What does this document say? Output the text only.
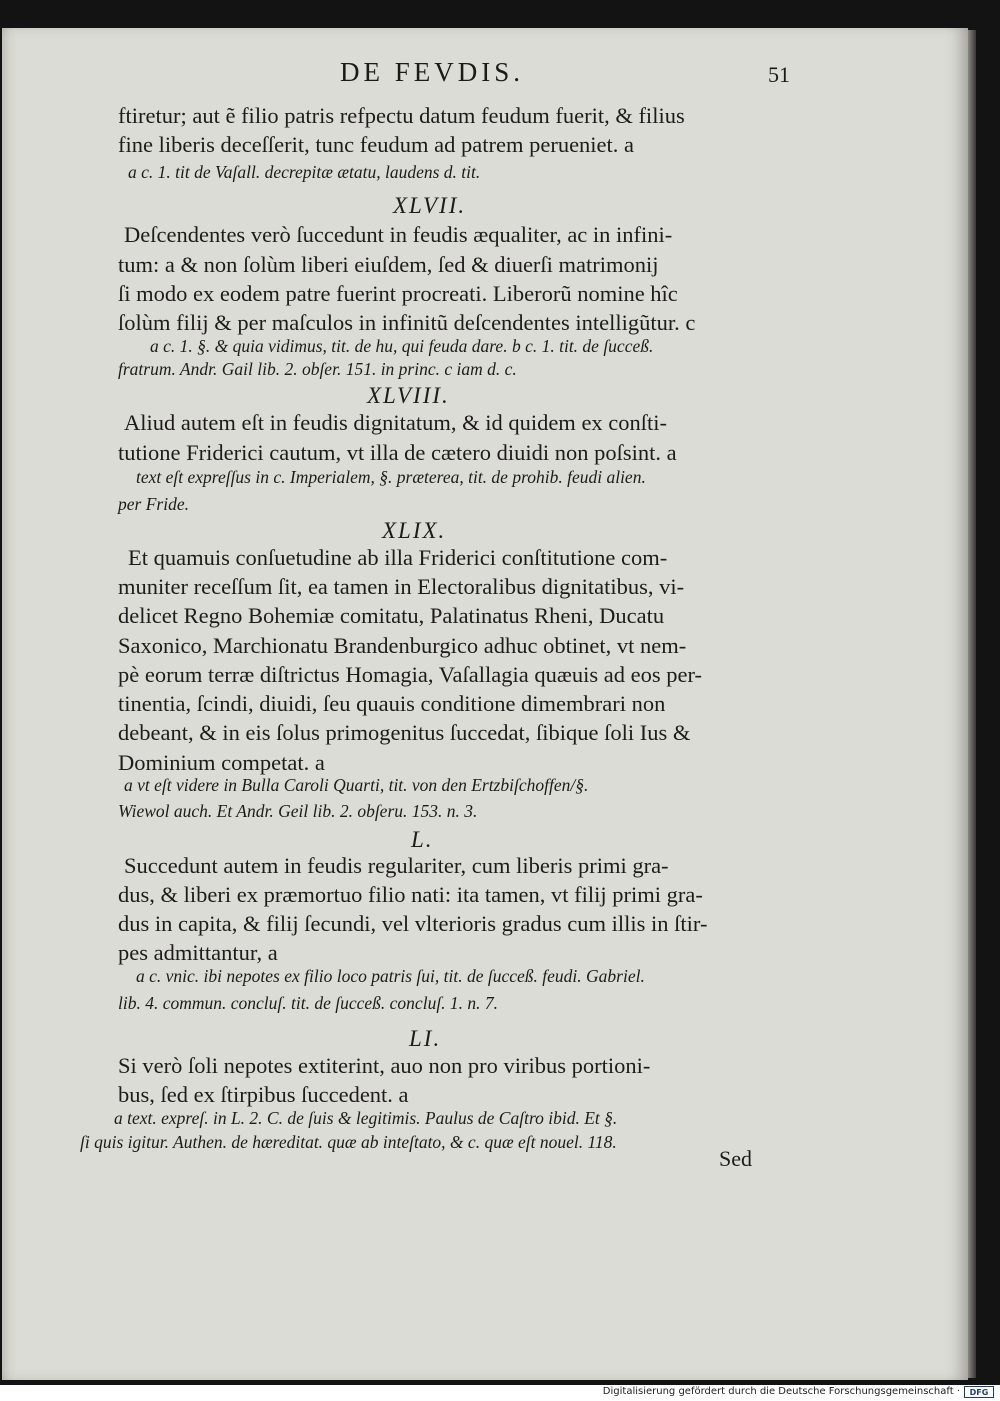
DE FEVDIS.	51
ftiretur; aut ẽ filio patris refpectu datum feudum fuerit, & filius
fine liberis deceſſerit, tunc feudum ad patrem perueniet. a
a c. 1. tit de Vaſall. decrepitæ ætatu, laudens d. tit.
XLVII.
Deſcendentes verò ſuccedunt in feudis æqualiter, ac in infini-
tum: a & non ſolùm liberi eiuſdem, ſed & diuerſi matrimonij
ſi modo ex eodem patre fuerint procreati. Liberorũ nomine hîc
ſolùm filij & per maſculos in infinitũ deſcendentes intelligũtur. c
a c. 1. §. & quia vidimus, tit. de hu, qui feuda dare. b c. 1. tit. de ſucceß.
fratrum. Andr. Gail lib. 2. obſer. 151. in princ. c iam d. c.
XLVIII.
Aliud autem eſt in feudis dignitatum, & id quidem ex conſti-
tutione Friderici cautum, vt illa de cætero diuidi non poſsint. a
text eſt expreſſus in c. Imperialem, §. præterea, tit. de prohib. feudi alien.
per Fride.
XLIX.
Et quamuis conſuetudine ab illa Friderici conſtitutione com-
muniter receſſum ſit, ea tamen in Electoralibus dignitatibus, vi-
delicet Regno Bohemiæ comitatu, Palatinatus Rheni, Ducatu
Saxonico, Marchionatu Brandenburgico adhuc obtinet, vt nem-
pè eorum terræ diſtrictus Homagia, Vaſallagia quæuis ad eos per-
tinentia, ſcindi, diuidi, ſeu quauis conditione dimembrari non
debeant, & in eis ſolus primogenitus ſuccedat, ſibique ſoli Ius &
Dominium competat. a
a vt eſt videre in Bulla Caroli Quarti, tit. von den Ertzbiſchoffen/§.
Wiewol auch. Et Andr. Geil lib. 2. obſeru. 153. n. 3.
L.
Succedunt autem in feudis regulariter, cum liberis primi gra-
dus, & liberi ex præmortuo filio nati: ita tamen, vt filij primi gra-
dus in capita, & filij ſecundi, vel vlterioris gradus cum illis in ſtir-
pes admittantur, a
a c. vnic. ibi nepotes ex filio loco patris ſui, tit. de ſucceß. feudi. Gabriel.
lib. 4. commun. concluſ. tit. de ſucceß. concluſ. 1. n. 7.
LI.
Si verò ſoli nepotes extiterint, auo non pro viribus portioni-
bus, ſed ex ſtirpibus ſuccedent. a
a text. expreſ. in L. 2. C. de ſuis & legitimis. Paulus de Caſtro ibid. Et §.
ſi quis igitur. Authen. de hæreditat. quæ ab inteſtato, & c. quæ eſt nouel. 118.
Sed
Digitalisierung gefördert durch die Deutsche Forschungsgemeinschaft ·	DFG
